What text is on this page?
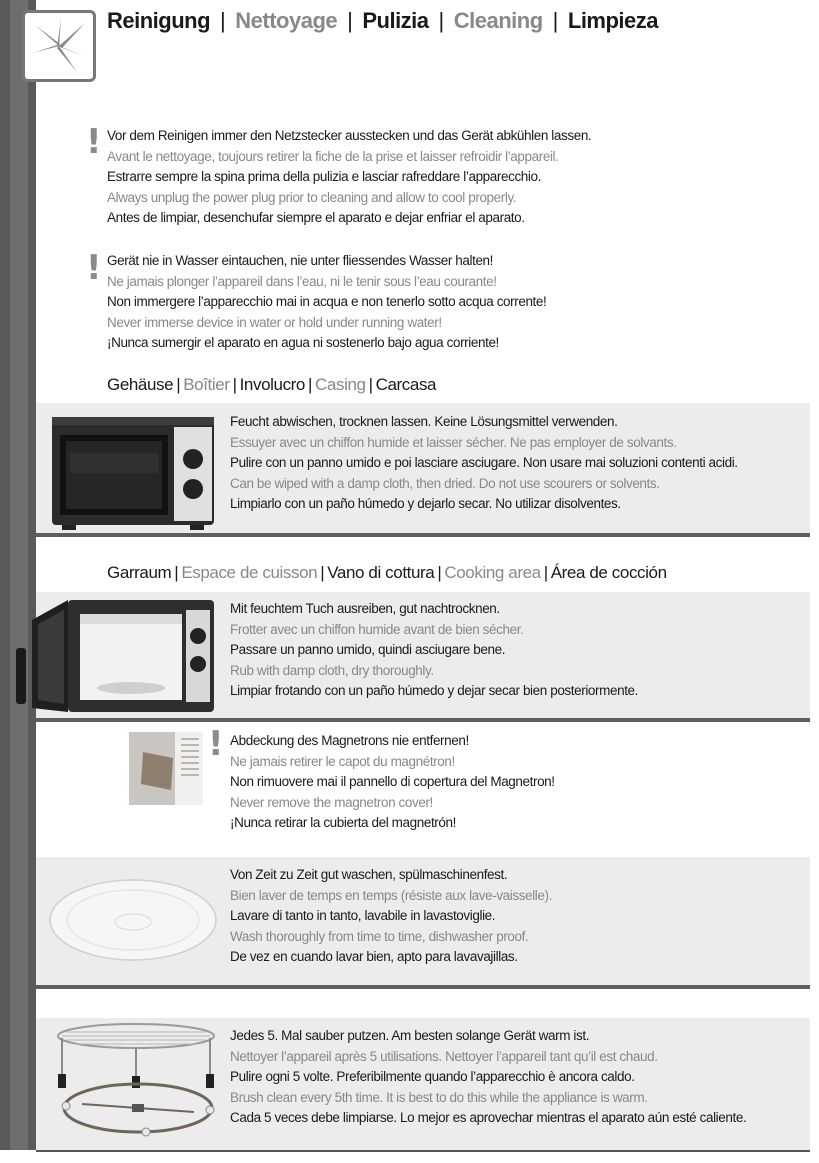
Reinigung | Nettoyage | Pulizia | Cleaning | Limpieza
! Vor dem Reinigen immer den Netzstecker ausstecken und das Gerät abkühlen lassen.
Avant le nettoyage, toujours retirer la fiche de la prise et laisser refroidir l’appareil.
Estrarre sempre la spina prima della pulizia e lasciar rafreddare l’apparecchio.
Always unplug the power plug prior to cleaning and allow to cool properly.
Antes de limpiar, desenchufar siempre el aparato e dejar enfriar el aparato.
! Gerät nie in Wasser eintauchen, nie unter fliessendes Wasser halten!
Ne jamais plonger l’appareil dans l’eau, ni le tenir sous l’eau courante!
Non immergere l’apparecchio mai in acqua e non tenerlo sotto acqua corrente!
Never immerse device in water or hold under running water!
¡Nunca sumergir el aparato en agua ni sostenerlo bajo agua corriente!
Gehäuse | Boîtier | Involucro | Casing | Carcasa
Feucht abwischen, trocknen lassen. Keine Lösungsmittel verwenden.
Essuyer avec un chiffon humide et laisser sécher. Ne pas employer de solvants.
Pulire con un panno umido e poi lasciare asciugare. Non usare mai soluzioni contenti acidi.
Can be wiped with a damp cloth, then dried. Do not use scourers or solvents.
Limpiarlo con un paño húmedo y dejarlo secar. No utilizar disolventes.
Garraum | Espace de cuisson | Vano di cottura | Cooking area | Área de cocción
Mit feuchtem Tuch ausreiben, gut nachtrocknen.
Frotter avec un chiffon humide avant de bien sécher.
Passare un panno umido, quindi asciugare bene.
Rub with damp cloth, dry thoroughly.
Limpiar frotando con un paño húmedo y dejar secar bien posteriormente.
! Abdeckung des Magnetrons nie entfernen!
Ne jamais retirer le capot du magnétron!
Non rimuovere mai il pannello di copertura del Magnetron!
Never remove the magnetron cover!
¡Nunca retirar la cubierta del magnetrón!
Von Zeit zu Zeit gut waschen, spülmaschinenfest.
Bien laver de temps en temps (résiste aux lave-vaisselle).
Lavare di tanto in tanto, lavabile in lavastoviglie.
Wash thoroughly from time to time, dishwasher proof.
De vez en cuando lavar bien, apto para lavavajillas.
Jedes 5. Mal sauber putzen. Am besten solange Gerät warm ist.
Nettoyer l’appareil après 5 utilisations. Nettoyer l’appareil tant qu’il est chaud.
Pulire ogni 5 volte. Preferibilmente quando l’apparecchio è ancora caldo.
Brush clean every 5th time. It is best to do this while the appliance is warm.
Cada 5 veces debe limpiarse. Lo mejor es aprovechar mientras el aparato aún esté caliente.
